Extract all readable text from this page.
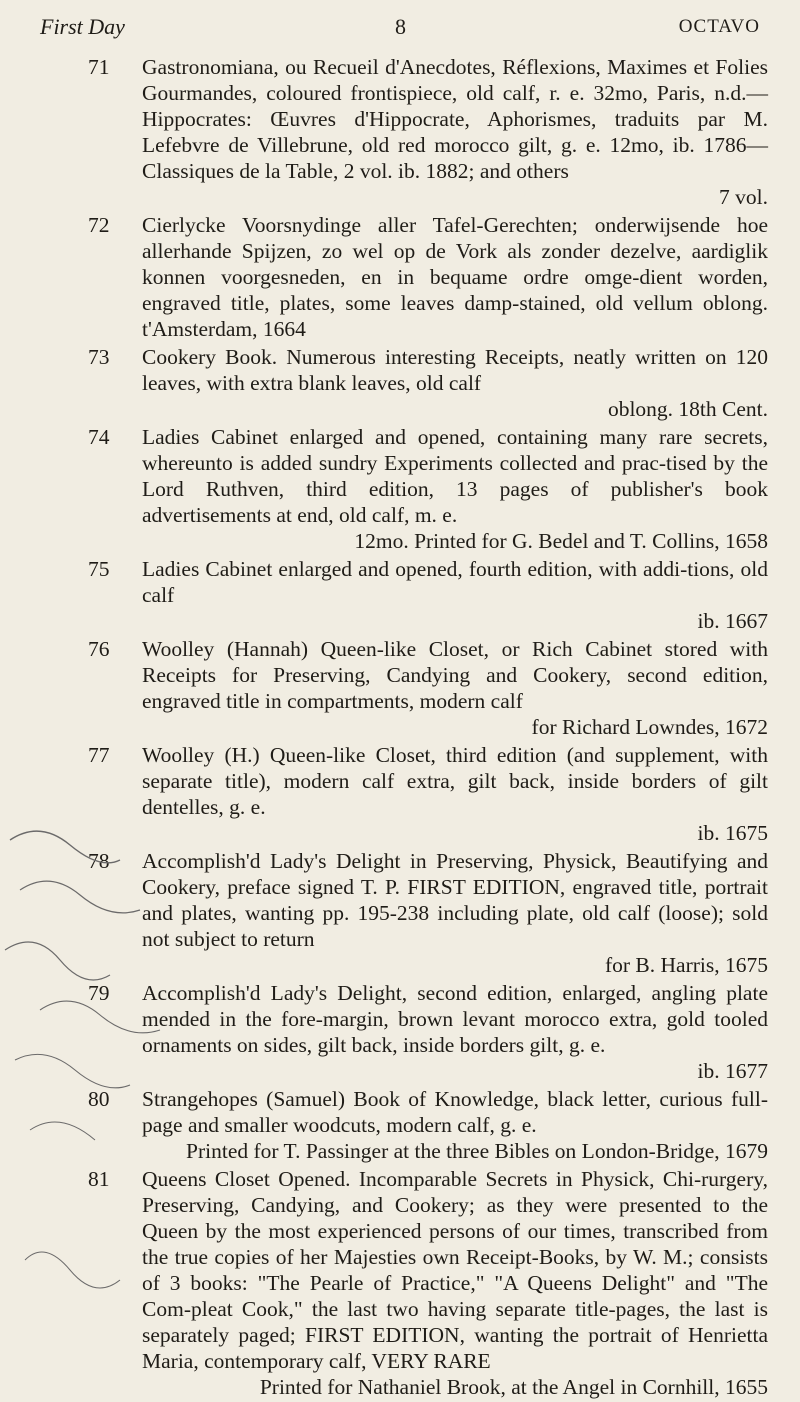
First Day	8	OCTAVO
71 Gastronomiana, ou Recueil d'Anecdotes, Réflexions, Maximes et Folies Gourmandes, coloured frontispiece, old calf, r. e. 32mo, Paris, n.d.—Hippocrates: Œuvres d'Hippocrate, Aphorismes, traduits par M. Lefebvre de Villebrune, old red morocco gilt, g. e. 12mo, ib. 1786—Classiques de la Table, 2 vol. ib. 1882; and others
7 vol.
72 Cierlycke Voorsnydinge aller Tafel-Gerechten; onderwijsende hoe allerhande Spijzen, zo wel op de Vork als zonder dezelve, aardiglik konnen voorgesneden, en in bequame ordre omge-dient worden, engraved title, plates, some leaves damp-stained, old vellum oblong. t'Amsterdam, 1664
73 Cookery Book. Numerous interesting Receipts, neatly written on 120 leaves, with extra blank leaves, old calf
oblong. 18th Cent.
74 Ladies Cabinet enlarged and opened, containing many rare secrets, whereunto is added sundry Experiments collected and prac-tised by the Lord Ruthven, third edition, 13 pages of publisher's book advertisements at end, old calf, m. e.
12mo. Printed for G. Bedel and T. Collins, 1658
75 Ladies Cabinet enlarged and opened, fourth edition, with addi-tions, old calf
ib. 1667
76 Woolley (Hannah) Queen-like Closet, or Rich Cabinet stored with Receipts for Preserving, Candying and Cookery, second edition, engraved title in compartments, modern calf
for Richard Lowndes, 1672
77 Woolley (H.) Queen-like Closet, third edition (and supplement, with separate title), modern calf extra, gilt back, inside borders of gilt dentelles, g. e.
ib. 1675
78 Accomplish'd Lady's Delight in Preserving, Physick, Beautifying and Cookery, preface signed T. P. FIRST EDITION, engraved title, portrait and plates, wanting pp. 195-238 including plate, old calf (loose); sold not subject to return
for B. Harris, 1675
79 Accomplish'd Lady's Delight, second edition, enlarged, angling plate mended in the fore-margin, brown levant morocco extra, gold tooled ornaments on sides, gilt back, inside borders gilt, g. e.
ib. 1677
80 Strangehopes (Samuel) Book of Knowledge, black letter, curious full-page and smaller woodcuts, modern calf, g. e.
Printed for T. Passinger at the three Bibles on London-Bridge, 1679
81 Queens Closet Opened. Incomparable Secrets in Physick, Chi-rurgery, Preserving, Candying, and Cookery; as they were presented to the Queen by the most experienced persons of our times, transcribed from the true copies of her Majesties own Receipt-Books, by W. M.; consists of 3 books: "The Pearle of Practice," "A Queens Delight" and "The Com-pleat Cook," the last two having separate title-pages, the last is separately paged; FIRST EDITION, wanting the portrait of Henrietta Maria, contemporary calf, VERY RARE
Printed for Nathaniel Brook, at the Angel in Cornhill, 1655
